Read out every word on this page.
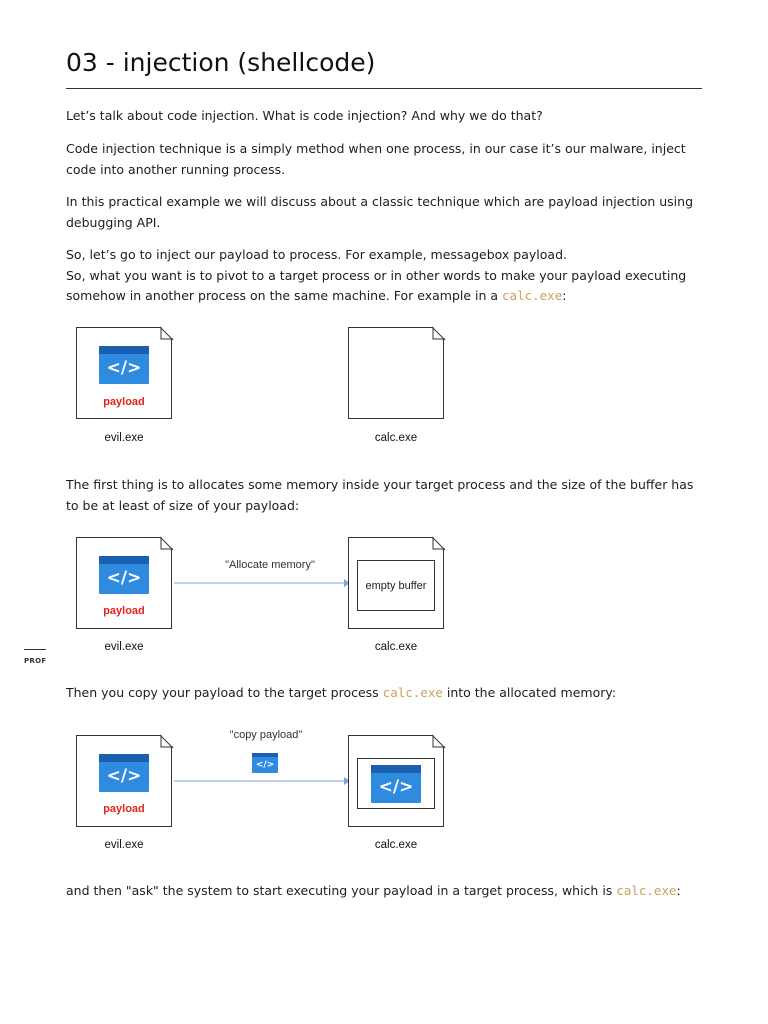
03 - injection (shellcode)
Let’s talk about code injection. What is code injection? And why we do that?
Code injection technique is a simply method when one process, in our case it’s our malware, inject code into another running process.
In this practical example we will discuss about a classic technique which are payload injection using debugging API.
So, let’s go to inject our payload to process. For example, messagebox payload.
So, what you want is to pivot to a target process or in other words to make your payload executing somehow in another process on the same machine. For example in a calc.exe:
</>
payload
evil.exe	calc.exe
The first thing is to allocates some memory inside your target process and the size of the buffer has to be at least of size of your payload:
</>
payload
evil.exe
"Allocate memory"
empty buffer
calc.exe
PROF
Then you copy your payload to the target process calc.exe into the allocated memory:
</>
payload
evil.exe
"copy payload"
</>
</>
calc.exe
and then "ask" the system to start executing your payload in a target process, which is calc.exe:
